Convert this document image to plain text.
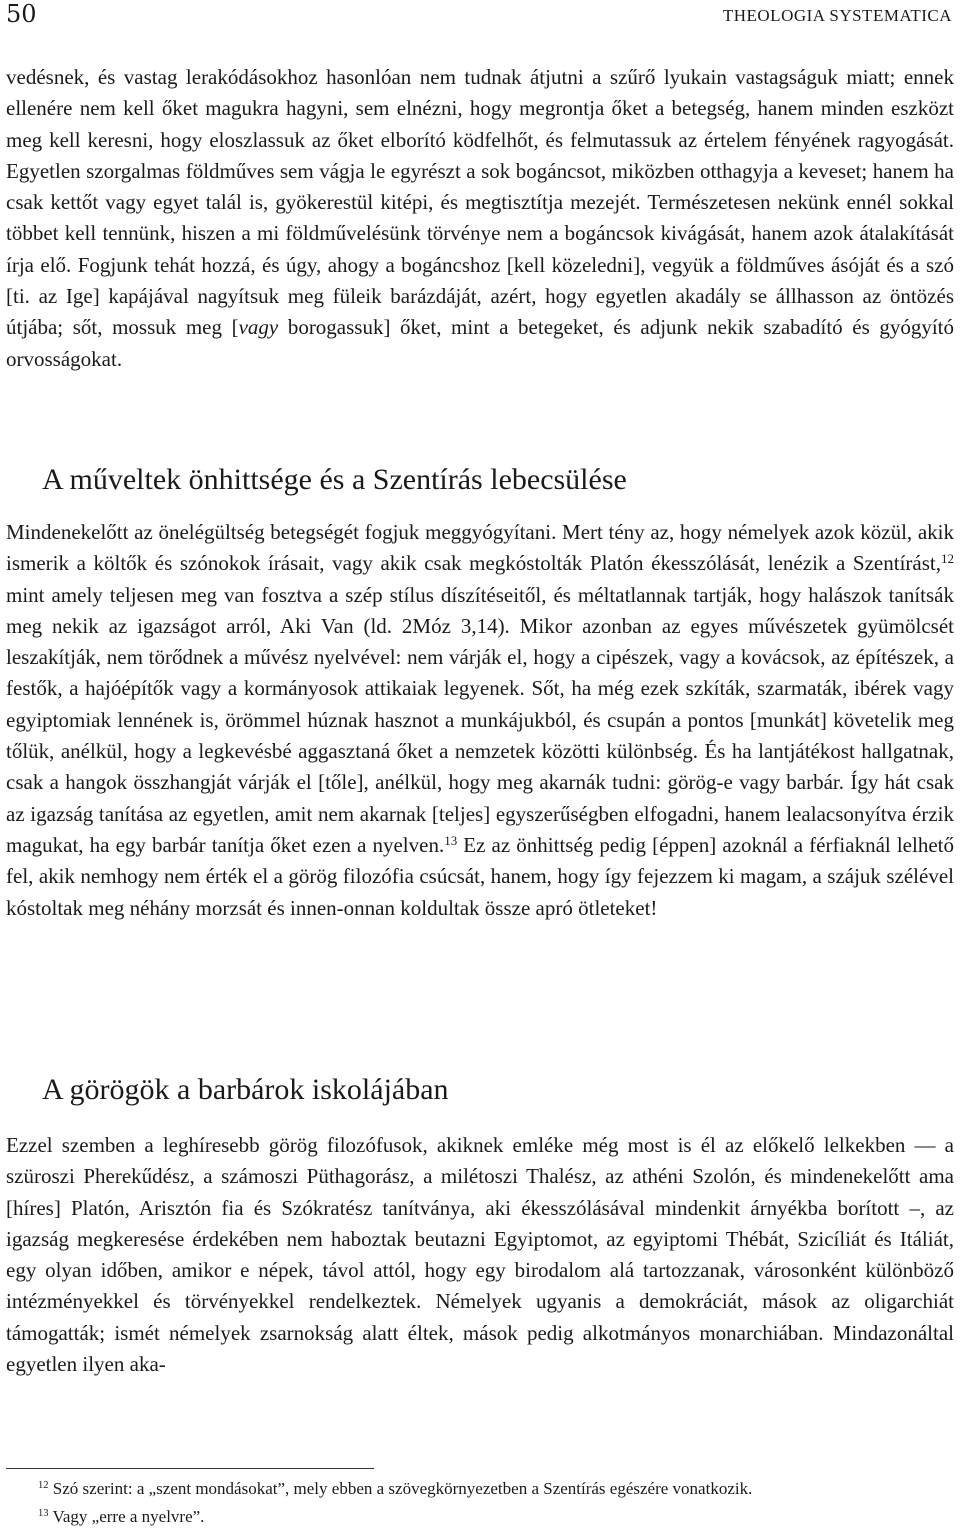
50	THEOLOGIA SYSTEMATICA

vedésnek, és vastag lerakódásokhoz hasonlóan nem tudnak átjutni a szűrő lyukain vastagságuk miatt; ennek ellenére nem kell őket magukra hagyni, sem elnézni, hogy megrontja őket a betegség, hanem minden eszközt meg kell keresni, hogy eloszlassuk az őket elborító ködfelhőt, és felmutassuk az értelem fényének ragyogását. Egyetlen szorgalmas földműves sem vágja le egyrészt a sok bogáncsot, miközben otthagyja a keveset; hanem ha csak kettőt vagy egyet talál is, gyökerestül kitépi, és megtisztítja mezejét. Természetesen nekünk ennél sokkal többet kell tennünk, hiszen a mi földművelésünk törvénye nem a bogáncsok kivágását, hanem azok átalakítását írja elő. Fogjunk tehát hozzá, és úgy, ahogy a bogáncshoz [kell közeledni], vegyük a földműves ásóját és a szó [ti. az Ige] kapájával nagyítsuk meg füleik barázdáját, azért, hogy egyetlen akadály se állhasson az öntözés útjába; sőt, mossuk meg [vagy borogassuk] őket, mint a betegeket, és adjunk nekik szabadító és gyógyító orvosságokat.

A műveltek önhittsége és a Szentírás lebecsülése

Mindenekelőtt az önelégültség betegségét fogjuk meggyógyítani. Mert tény az, hogy némelyek azok közül, akik ismerik a költők és szónokok írásait, vagy akik csak megkóstolták Platón ékesszólását, lenézik a Szentírást,$^{12}$ mint amely teljesen meg van fosztva a szép stílus díszítéseitől, és méltatlannak tartják, hogy halászok tanítsák meg nekik az igazságot arról, Aki Van (ld. 2Móz 3,14). Mikor azonban az egyes művészetek gyümölcsét leszakítják, nem törődnek a művész nyelvével: nem várják el, hogy a cipészek, vagy a kovácsok, az építészek, a festők, a hajóépítők vagy a kormányosok attikaiak legyenek. Sőt, ha még ezek szkíták, szarmaták, ibérek vagy egyiptomiak lennének is, örömmel húznak hasznot a munkájukból, és csupán a pontos [munkát] követelik meg tőlük, anélkül, hogy a legkevésbé aggasztaná őket a nemzetek közötti különbség. És ha lantjátékost hallgatnak, csak a hangok összhangját várják el [tőle], anélkül, hogy meg akarnák tudni: görög-e vagy barbár. Így hát csak az igazság tanítása az egyetlen, amit nem akarnak [teljes] egyszerűségben elfogadni, hanem lealacsonyítva érzik magukat, ha egy barbár tanítja őket ezen a nyelven.$^{13}$ Ez az önhittség pedig [éppen] azoknál a férfiaknál lelhető fel, akik nemhogy nem érték el a görög filozófia csúcsát, hanem, hogy így fejezzem ki magam, a szájuk szélével kóstoltak meg néhány morzsát és innen-onnan koldultak össze apró ötleteket!

A görögök a barbárok iskolájában

Ezzel szemben a leghíresebb görög filozófusok, akiknek emléke még most is él az előkelő lelkekben — a szüroszi Pherekűdész, a számoszi Püthagorász, a milétoszi Thalész, az athéni Szolón, és mindenekelőtt ama [híres] Platón, Arisztón fia és Szókratész tanítványa, aki ékesszólásával mindenkit árnyékba borított –, az igazság megkeresése érdekében nem haboztak beutazni Egyiptomot, az egyiptomi Thébát, Szicíliát és Itáliát, egy olyan időben, amikor e népek, távol attól, hogy egy birodalom alá tartozzanak, városonként különböző intézményekkel és törvényekkel rendelkeztek. Némelyek ugyanis a demokráciát, mások az oligarchiát támogatták; ismét némelyek zsarnokság alatt éltek, mások pedig alkotmányos monarchiában. Mindazonáltal egyetlen ilyen aka-

$^{12}$ Szó szerint: a „szent mondásokat”, mely ebben a szövegkörnyezetben a Szentírás egészére vonatkozik.

$^{13}$ Vagy „erre a nyelvre”.
